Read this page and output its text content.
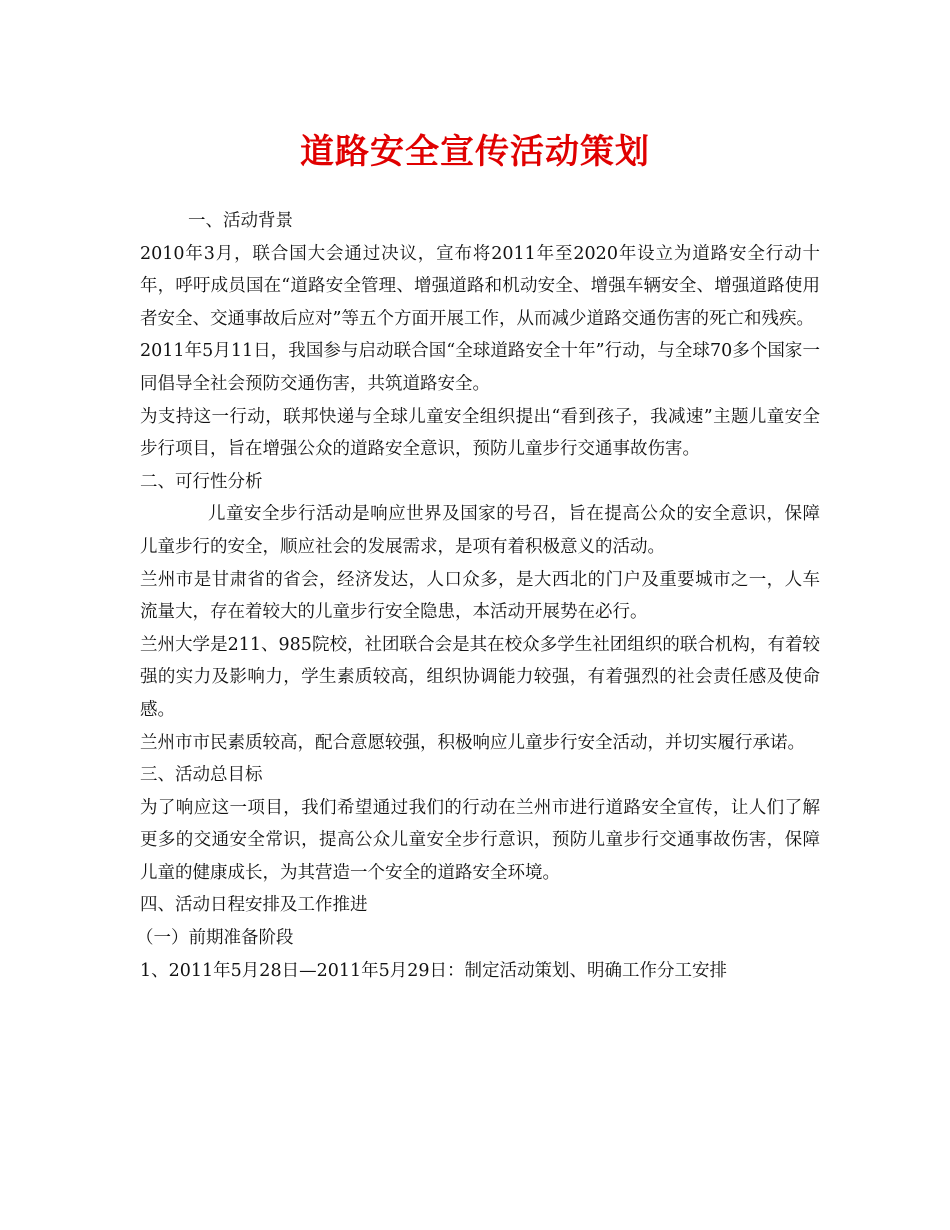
道路安全宣传活动策划

一、活动背景

2010年3月，联合国大会通过决议，宣布将2011年至2020年设立为道路安全行动十年，呼吁成员国在“道路安全管理、增强道路和机动安全、增强车辆安全、增强道路使用者安全、交通事故后应对”等五个方面开展工作，从而减少道路交通伤害的死亡和残疾。

2011年5月11日，我国参与启动联合国“全球道路安全十年”行动，与全球70多个国家一同倡导全社会预防交通伤害，共筑道路安全。

为支持这一行动，联邦快递与全球儿童安全组织提出“看到孩子，我减速”主题儿童安全步行项目，旨在增强公众的道路安全意识，预防儿童步行交通事故伤害。

二、可行性分析

儿童安全步行活动是响应世界及国家的号召，旨在提高公众的安全意识，保障儿童步行的安全，顺应社会的发展需求，是项有着积极意义的活动。

兰州市是甘肃省的省会，经济发达，人口众多，是大西北的门户及重要城市之一，人车流量大，存在着较大的儿童步行安全隐患，本活动开展势在必行。

兰州大学是211、985院校，社团联合会是其在校众多学生社团组织的联合机构，有着较强的实力及影响力，学生素质较高，组织协调能力较强，有着强烈的社会责任感及使命感。

兰州市市民素质较高，配合意愿较强，积极响应儿童步行安全活动，并切实履行承诺。

三、活动总目标

为了响应这一项目，我们希望通过我们的行动在兰州市进行道路安全宣传，让人们了解更多的交通安全常识，提高公众儿童安全步行意识，预防儿童步行交通事故伤害，保障儿童的健康成长，为其营造一个安全的道路安全环境。

四、活动日程安排及工作推进

（一）前期准备阶段

1、2011年5月28日—2011年5月29日：制定活动策划、明确工作分工安排
